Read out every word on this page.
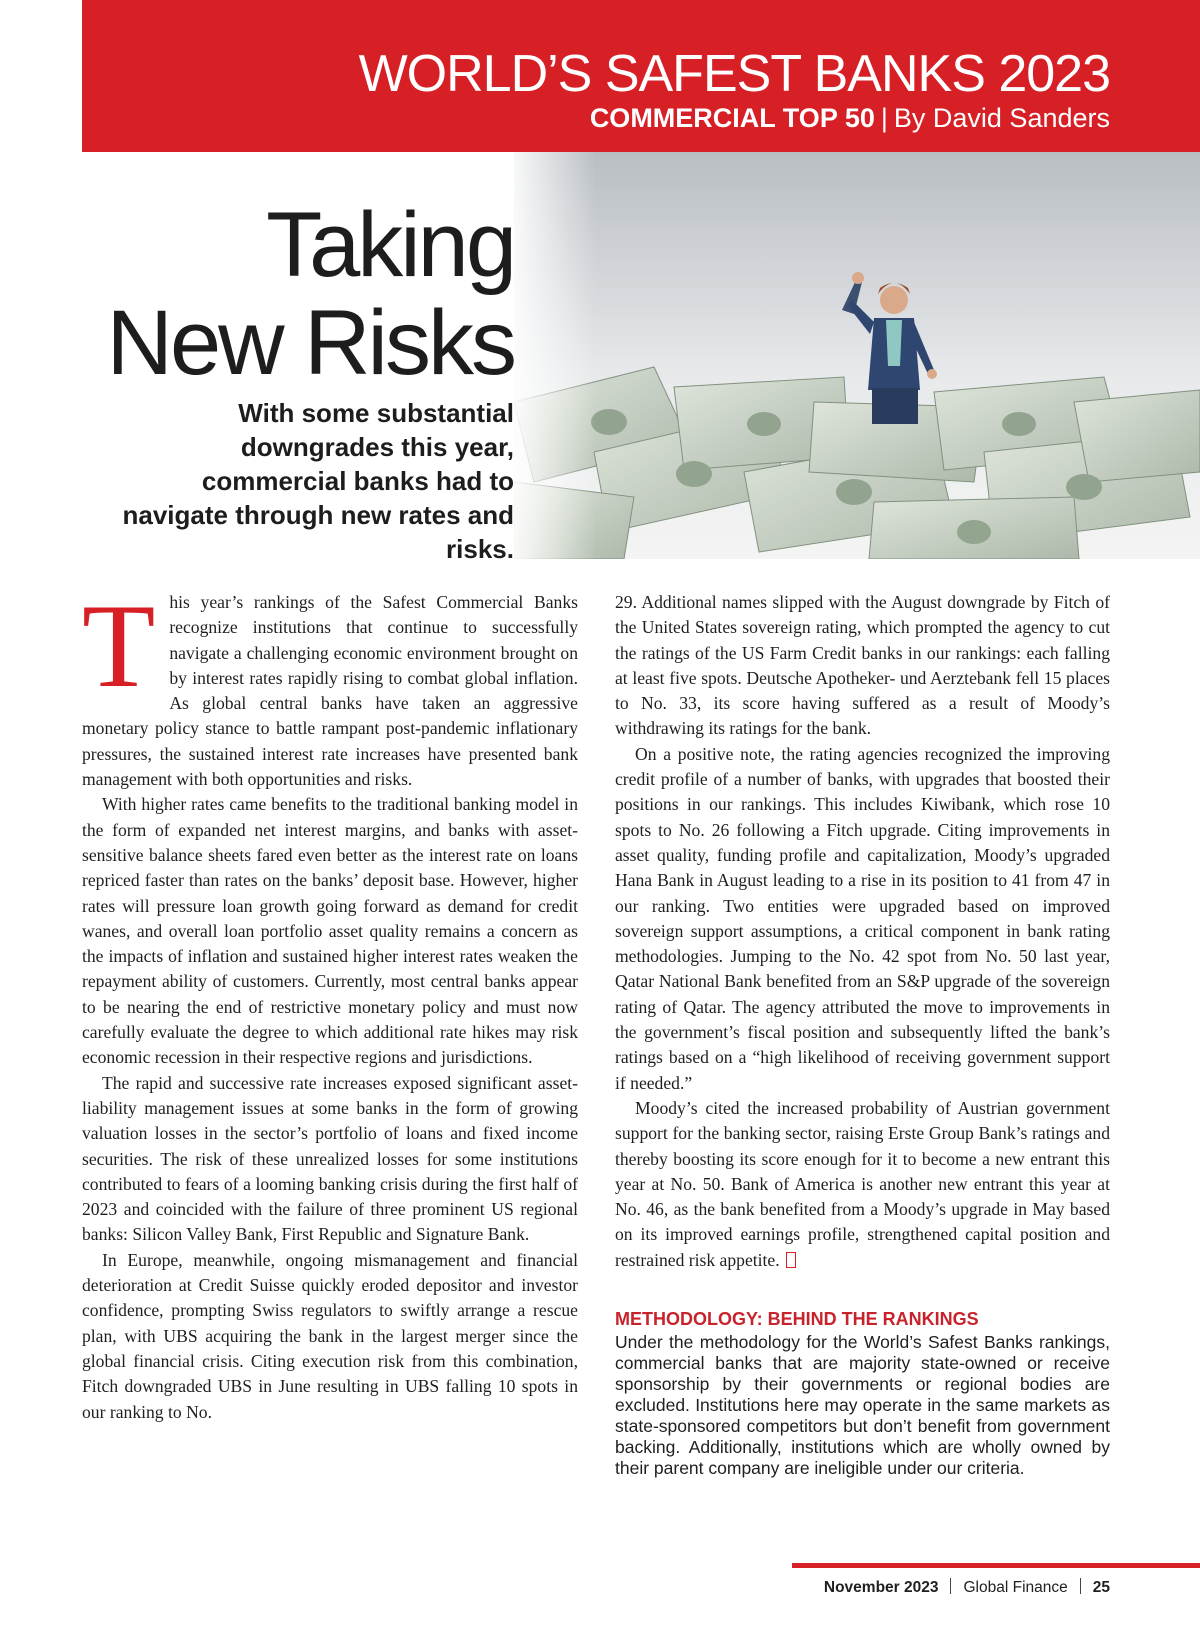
WORLD’S SAFEST BANKS 2023
COMMERCIAL TOP 50 | By David Sanders
Taking
New Risks
With some substantial downgrades this year, commercial banks had to navigate through new rates and risks.

This year’s rankings of the Safest Commercial Banks recognize institutions that continue to successfully navigate a challenging economic environment brought on by interest rates rapidly rising to combat global inflation. As global central banks have taken an aggressive monetary policy stance to battle rampant post-pandemic inflationary pressures, the sustained interest rate increases have presented bank management with both opportunities and risks.

With higher rates came benefits to the traditional banking model in the form of expanded net interest margins, and banks with asset-sensitive balance sheets fared even better as the interest rate on loans repriced faster than rates on the banks’ deposit base. However, higher rates will pressure loan growth going forward as demand for credit wanes, and overall loan portfolio asset quality remains a concern as the impacts of inflation and sustained higher interest rates weaken the repayment ability of customers. Currently, most central banks appear to be nearing the end of restrictive monetary policy and must now carefully evaluate the degree to which additional rate hikes may risk economic recession in their respective regions and jurisdictions.

The rapid and successive rate increases exposed significant asset-liability management issues at some banks in the form of growing valuation losses in the sector’s portfolio of loans and fixed income securities. The risk of these unrealized losses for some institutions contributed to fears of a looming banking crisis during the first half of 2023 and coincided with the failure of three prominent US regional banks: Silicon Valley Bank, First Republic and Signature Bank.

In Europe, meanwhile, ongoing mismanagement and financial deterioration at Credit Suisse quickly eroded depositor and investor confidence, prompting Swiss regulators to swiftly arrange a rescue plan, with UBS acquiring the bank in the largest merger since the global financial crisis. Citing execution risk from this combination, Fitch downgraded UBS in June resulting in UBS falling 10 spots in our ranking to No.

29. Additional names slipped with the August downgrade by Fitch of the United States sovereign rating, which prompted the agency to cut the ratings of the US Farm Credit banks in our rankings: each falling at least five spots. Deutsche Apotheker- und Aerztebank fell 15 places to No. 33, its score having suffered as a result of Moody’s withdrawing its ratings for the bank.

On a positive note, the rating agencies recognized the improving credit profile of a number of banks, with upgrades that boosted their positions in our rankings. This includes Kiwibank, which rose 10 spots to No. 26 following a Fitch upgrade. Citing improvements in asset quality, funding profile and capitalization, Moody’s upgraded Hana Bank in August leading to a rise in its position to 41 from 47 in our ranking. Two entities were upgraded based on improved sovereign support assumptions, a critical component in bank rating methodologies. Jumping to the No. 42 spot from No. 50 last year, Qatar National Bank benefited from an S&P upgrade of the sovereign rating of Qatar. The agency attributed the move to improvements in the government’s fiscal position and subsequently lifted the bank’s ratings based on a “high likelihood of receiving government support if needed.”

Moody’s cited the increased probability of Austrian government support for the banking sector, raising Erste Group Bank’s ratings and thereby boosting its score enough for it to become a new entrant this year at No. 50. Bank of America is another new entrant this year at No. 46, as the bank benefited from a Moody’s upgrade in May based on its improved earnings profile, strengthened capital position and restrained risk appetite.

METHODOLOGY: BEHIND THE RANKINGS

Under the methodology for the World’s Safest Banks rankings, commercial banks that are majority state-owned or receive sponsorship by their governments or regional bodies are excluded. Institutions here may operate in the same markets as state-sponsored competitors but don’t benefit from government backing. Additionally, institutions which are wholly owned by their parent company are ineligible under our criteria.

November 2023 Global Finance 25
